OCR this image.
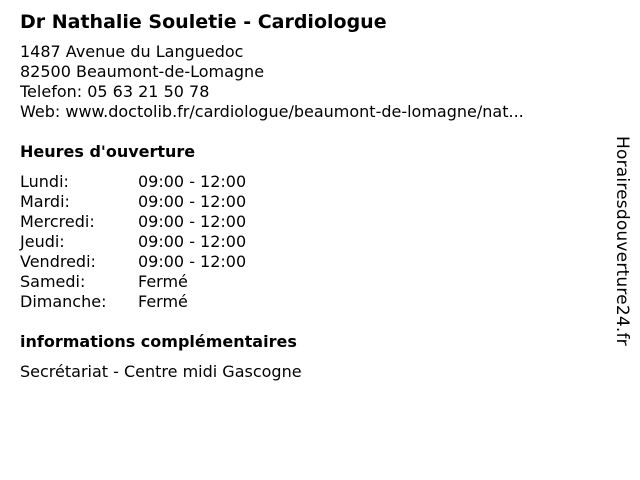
Dr Nathalie Souletie - Cardiologue
1487 Avenue du Languedoc
82500 Beaumont-de-Lomagne
Telefon: 05 63 21 50 78
Web: www.doctolib.fr/cardiologue/beaumont-de-lomagne/nat...
Heures d'ouverture
Lundi:	09:00 - 12:00
Mardi:	09:00 - 12:00
Mercredi:	09:00 - 12:00
Jeudi:	09:00 - 12:00
Vendredi:	09:00 - 12:00
Samedi:	Fermé
Dimanche:	Fermé
informations complémentaires
Secrétariat - Centre midi Gascogne
Horairesdouverture24.fr
